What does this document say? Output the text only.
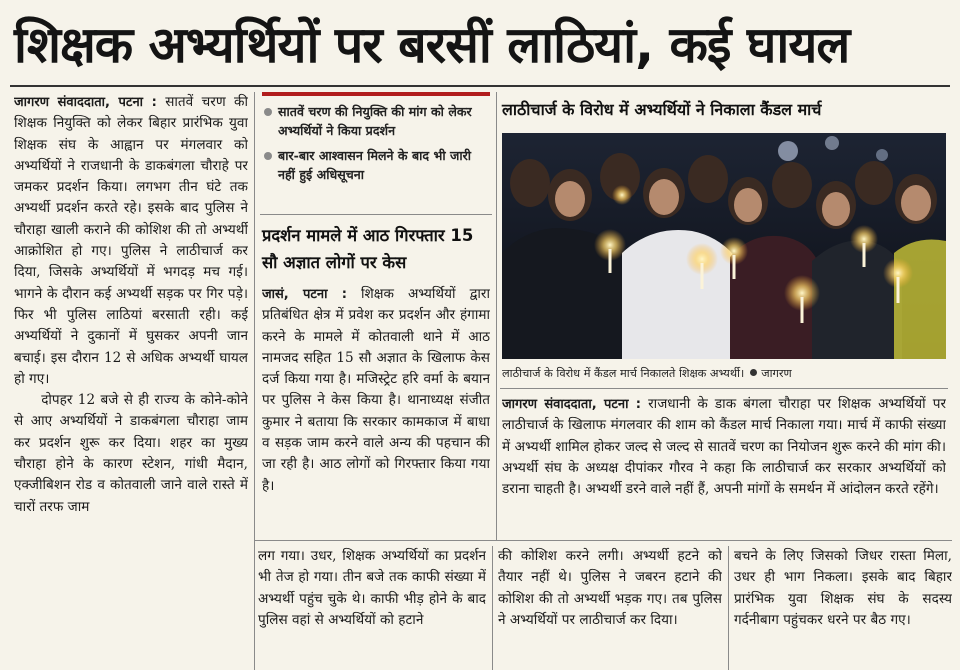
शिक्षक अभ्यर्थियों पर बरसीं लाठियां, कई घायल

जागरण संवाददाता, पटना : सातवें चरण की शिक्षक नियुक्ति को लेकर बिहार प्रारंभिक युवा शिक्षक संघ के आह्वान पर मंगलवार को अभ्यर्थियों ने राजधानी के डाकबंगला चौराहे पर जमकर प्रदर्शन किया। लगभग तीन घंटे तक अभ्यर्थी प्रदर्शन करते रहे। इसके बाद पुलिस ने चौराहा खाली कराने की कोशिश की तो अभ्यर्थी आक्रोशित हो गए। पुलिस ने लाठीचार्ज कर दिया, जिसके अभ्यर्थियों में भगदड़ मच गई। भागने के दौरान कई अभ्यर्थी सड़क पर गिर पड़े। फिर भी पुलिस लाठियां बरसाती रही। कई अभ्यर्थियों ने दुकानों में घुसकर अपनी जान बचाई। इस दौरान 12 से अधिक अभ्यर्थी घायल हो गए।

दोपहर 12 बजे से ही राज्य के कोने-कोने से आए अभ्यर्थियों ने डाकबंगला चौराहा जाम कर प्रदर्शन शुरू कर दिया। शहर का मुख्य चौराहा होने के कारण स्टेशन, गांधी मैदान, एक्जीबिशन रोड व कोतवाली जाने वाले रास्ते में चारों तरफ जाम

सातवें चरण की नियुक्ति की मांग को लेकर अभ्यर्थियों ने किया प्रदर्शन
बार-बार आश्वासन मिलने के बाद भी जारी नहीं हुई अधिसूचना
प्रदर्शन मामले में आठ गिरफ्तार 15 सौ अज्ञात लोगों पर केस

जासं, पटना : शिक्षक अभ्यर्थियों द्वारा प्रतिबंधित क्षेत्र में प्रवेश कर प्रदर्शन और हंगामा करने के मामले में कोतवाली थाने में आठ नामजद सहित 15 सौ अज्ञात के खिलाफ केस दर्ज किया गया है। मजिस्ट्रेट हरि वर्मा के बयान पर पुलिस ने केस किया है। थानाध्यक्ष संजीत कुमार ने बताया कि सरकार कामकाज में बाधा व सड़क जाम करने वाले अन्य की पहचान की जा रही है। आठ लोगों को गिरफ्तार किया गया है।

लाठीचार्ज के विरोध में अभ्यर्थियों ने निकाला कैंडल मार्च
लाठीचार्ज के विरोध में कैंडल मार्च निकालते शिक्षक अभ्यर्थी। जागरण

जागरण संवाददाता, पटना : राजधानी के डाक बंगला चौराहा पर शिक्षक अभ्यर्थियों पर लाठीचार्ज के खिलाफ मंगलवार की शाम को कैंडल मार्च निकाला गया। मार्च में काफी संख्या में अभ्यर्थी शामिल होकर जल्द से जल्द से सातवें चरण का नियोजन शुरू करने की मांग की। अभ्यर्थी संघ के अध्यक्ष दीपांकर गौरव ने कहा कि लाठीचार्ज कर सरकार अभ्यर्थियों को डराना चाहती है। अभ्यर्थी डरने वाले नहीं हैं, अपनी मांगों के समर्थन में आंदोलन करते रहेंगे।

लग गया। उधर, शिक्षक अभ्यर्थियों का प्रदर्शन भी तेज हो गया। तीन बजे तक काफी संख्या में अभ्यर्थी पहुंच चुके थे। काफी भीड़ होने के बाद पुलिस वहां से अभ्यर्थियों को हटाने
की कोशिश करने लगी। अभ्यर्थी हटने को तैयार नहीं थे। पुलिस ने जबरन हटाने की कोशिश की तो अभ्यर्थी भड़क गए। तब पुलिस ने अभ्यर्थियों पर लाठीचार्ज कर दिया।
बचने के लिए जिसको जिधर रास्ता मिला, उधर ही भाग निकला। इसके बाद बिहार प्रारंभिक युवा शिक्षक संघ के सदस्य गर्दनीबाग पहुंचकर धरने पर बैठ गए।
